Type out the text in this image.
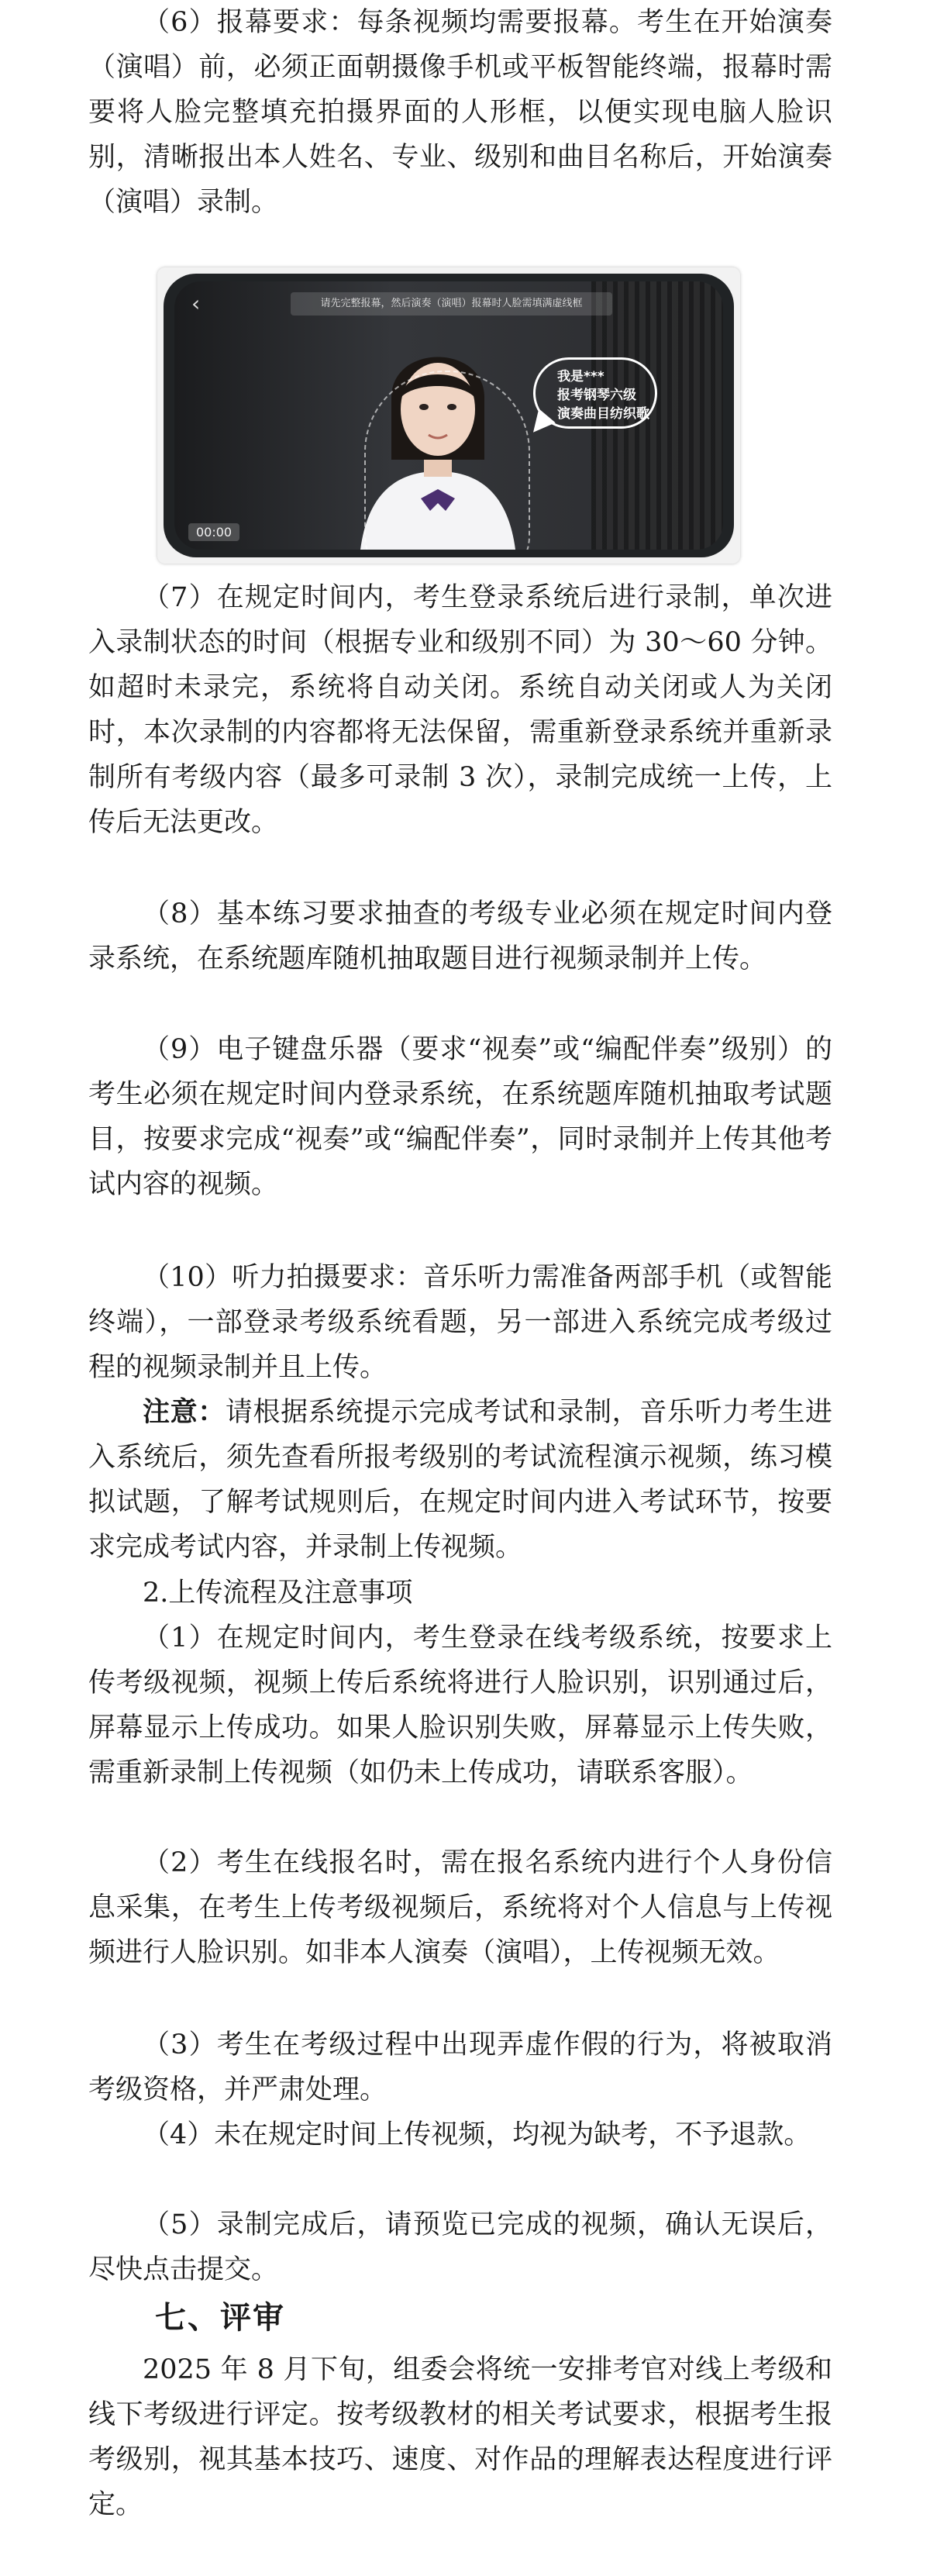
（6）报幕要求：每条视频均需要报幕。考生在开始演奏（演唱）前，必须正面朝摄像手机或平板智能终端，报幕时需要将人脸完整填充拍摄界面的人形框，以便实现电脑人脸识别，清晰报出本人姓名、专业、级别和曲目名称后，开始演奏（演唱）录制。

‹	请先完整报幕，然后演奏（演唱）报幕时人脸需填满虚线框
我是***
报考钢琴六级
演奏曲目纺织歌
00:00

（7）在规定时间内，考生登录系统后进行录制，单次进入录制状态的时间（根据专业和级别不同）为 30～60 分钟。如超时未录完，系统将自动关闭。系统自动关闭或人为关闭时，本次录制的内容都将无法保留，需重新登录系统并重新录制所有考级内容（最多可录制 3 次），录制完成统一上传，上传后无法更改。

（8）基本练习要求抽查的考级专业必须在规定时间内登录系统，在系统题库随机抽取题目进行视频录制并上传。

（9）电子键盘乐器（要求“视奏”或“编配伴奏”级别）的考生必须在规定时间内登录系统，在系统题库随机抽取考试题目，按要求完成“视奏”或“编配伴奏”，同时录制并上传其他考试内容的视频。

（10）听力拍摄要求：音乐听力需准备两部手机（或智能终端），一部登录考级系统看题，另一部进入系统完成考级过程的视频录制并且上传。

注意：请根据系统提示完成考试和录制，音乐听力考生进入系统后，须先查看所报考级别的考试流程演示视频，练习模拟试题，了解考试规则后，在规定时间内进入考试环节，按要求完成考试内容，并录制上传视频。

2.上传流程及注意事项

（1）在规定时间内，考生登录在线考级系统，按要求上传考级视频，视频上传后系统将进行人脸识别，识别通过后，屏幕显示上传成功。如果人脸识别失败，屏幕显示上传失败，需重新录制上传视频（如仍未上传成功，请联系客服）。

（2）考生在线报名时，需在报名系统内进行个人身份信息采集，在考生上传考级视频后，系统将对个人信息与上传视频进行人脸识别。如非本人演奏（演唱），上传视频无效。

（3）考生在考级过程中出现弄虚作假的行为，将被取消考级资格，并严肃处理。

（4）未在规定时间上传视频，均视为缺考，不予退款。

（5）录制完成后，请预览已完成的视频，确认无误后，尽快点击提交。

七、评审

2025 年 8 月下旬，组委会将统一安排考官对线上考级和线下考级进行评定。按考级教材的相关考试要求，根据考生报考级别，视其基本技巧、速度、对作品的理解表达程度进行评定。
